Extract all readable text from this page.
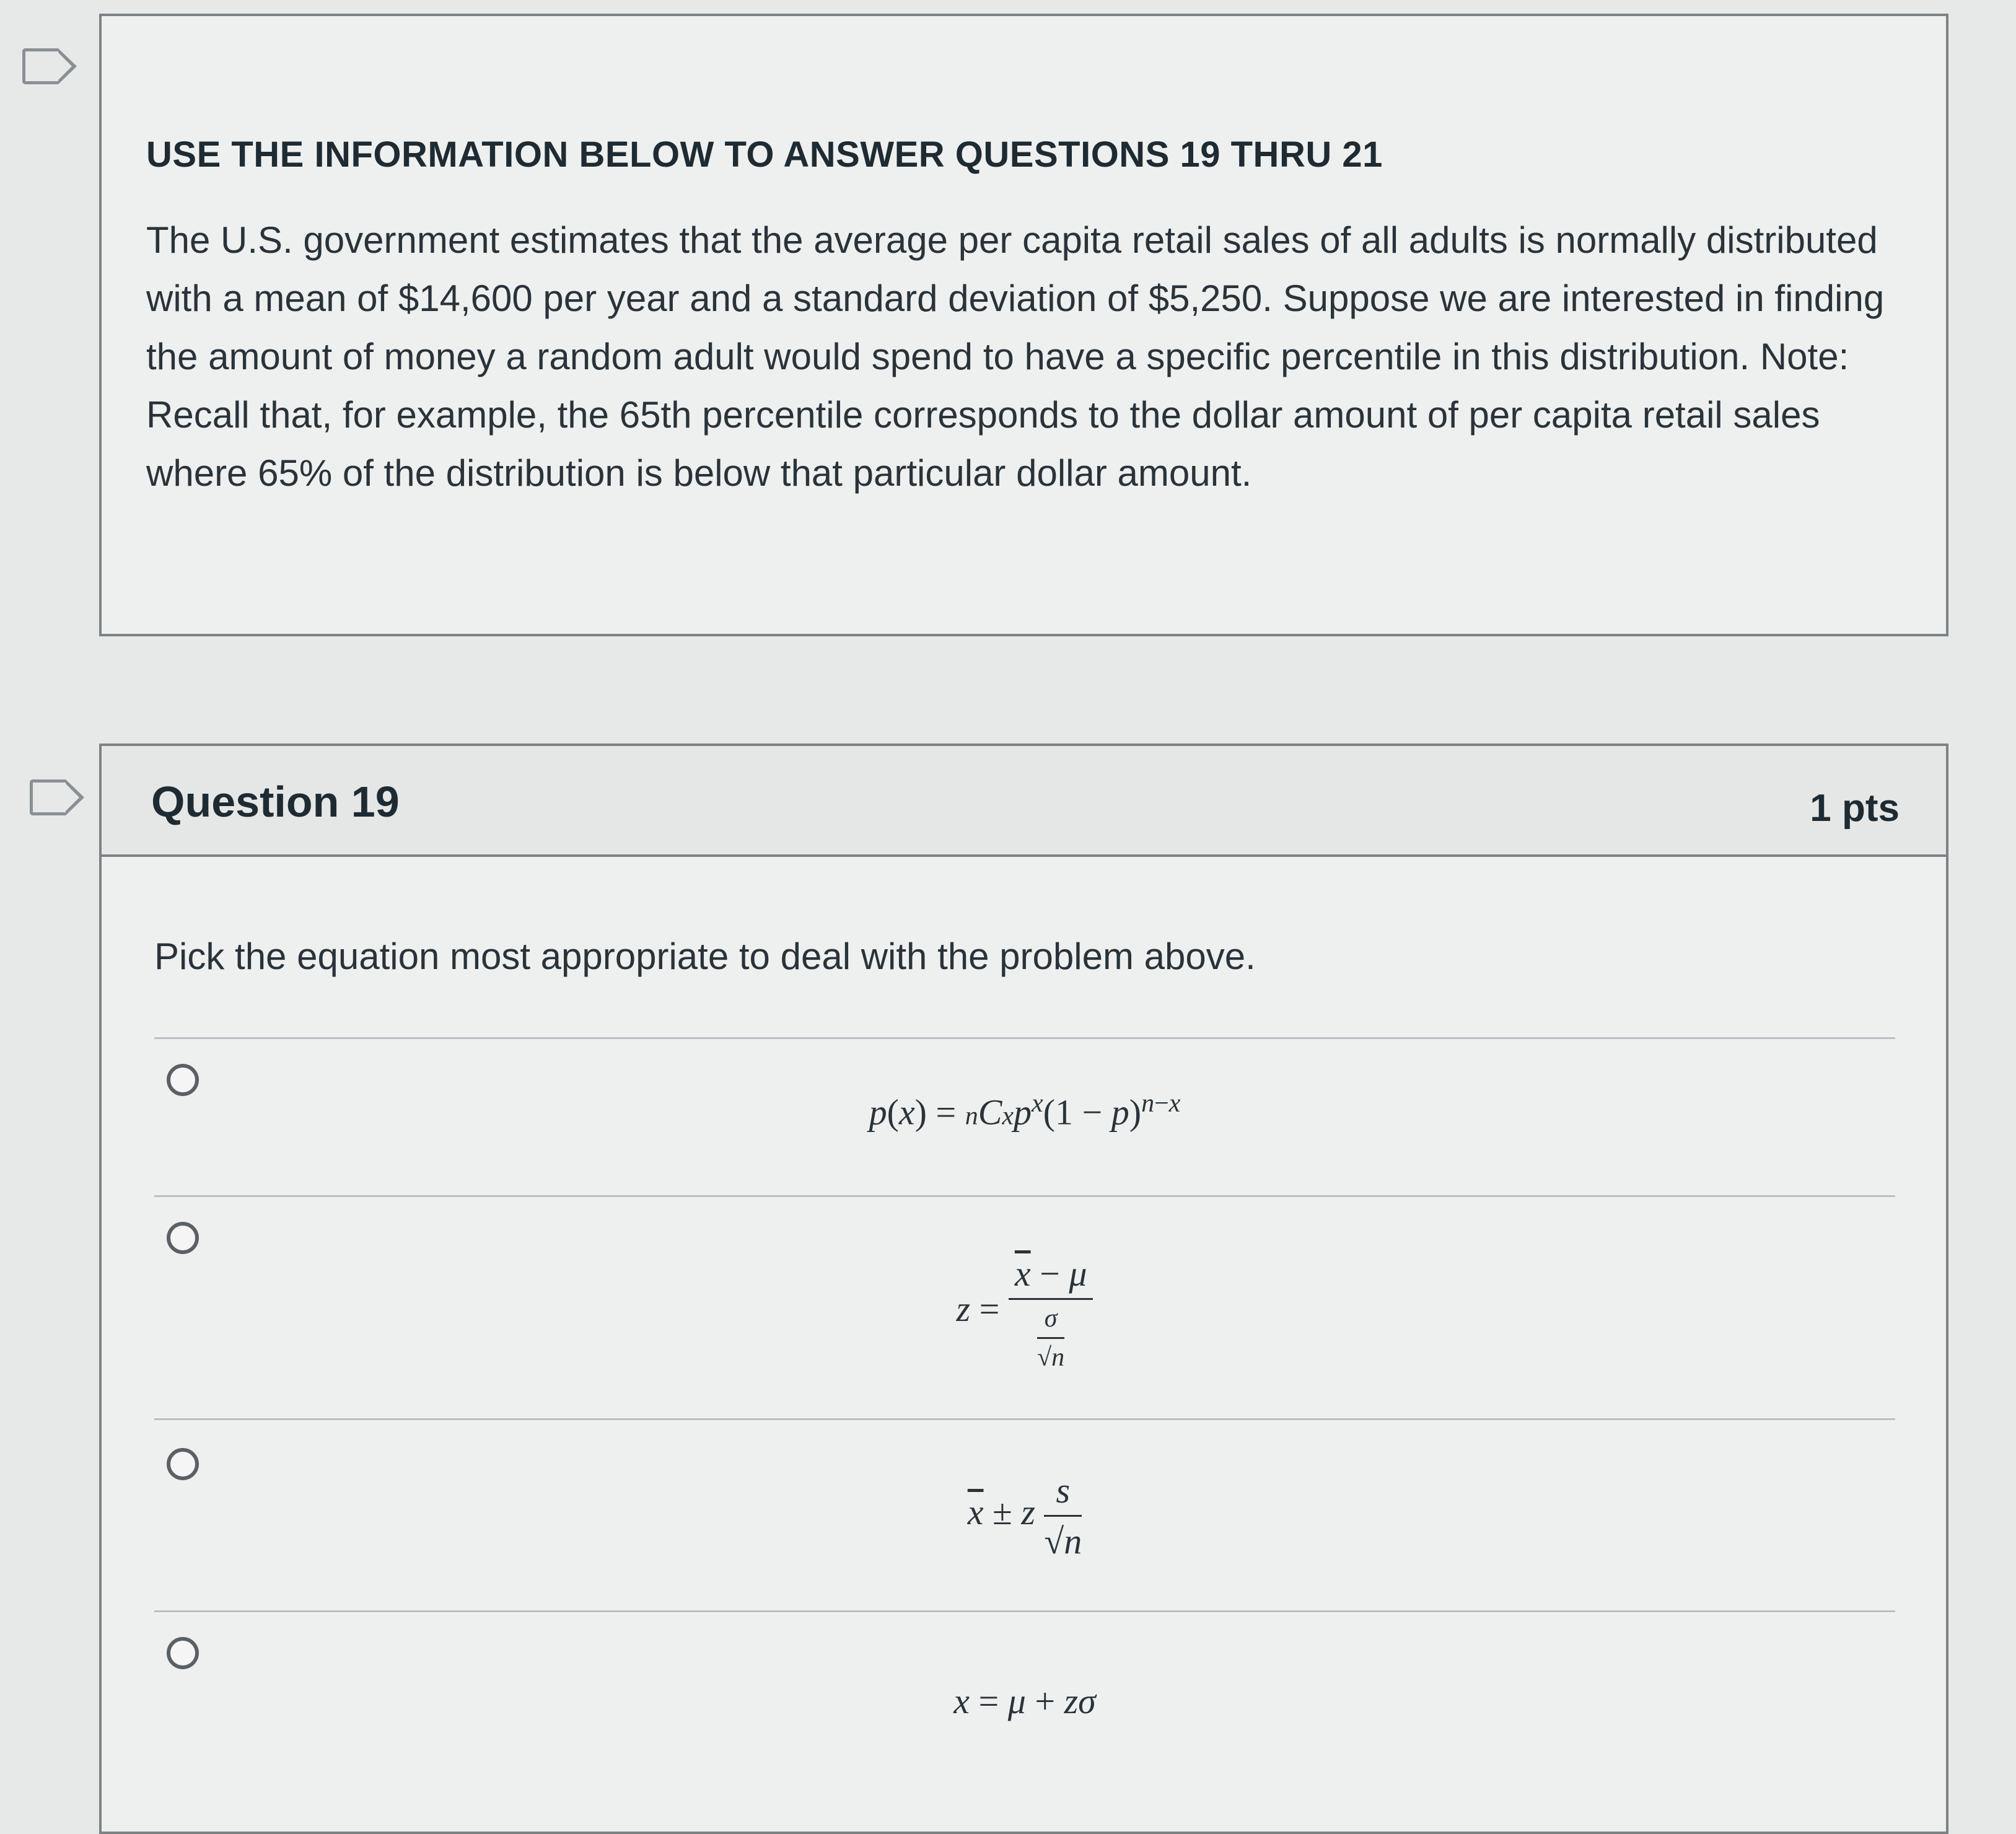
USE THE INFORMATION BELOW TO ANSWER QUESTIONS 19 THRU 21
The U.S. government estimates that the average per capita retail sales of all adults is normally distributed with a mean of $14,600 per year and a standard deviation of $5,250. Suppose we are interested in finding the amount of money a random adult would spend to have a specific percentile in this distribution. Note: Recall that, for example, the 65th percentile corresponds to the dollar amount of per capita retail sales where 65% of the distribution is below that particular dollar amount.
Question 19	1 pts
Pick the equation most appropriate to deal with the problem above.
p(x) = nCxp$^x$(1 − p)$^{n-x}$
$z = \frac{\overline{x} - \mu}{\frac{\sigma}{√n}}$
$\overline{x} \pm z \frac{s}{√n}$
x = μ + zσ
